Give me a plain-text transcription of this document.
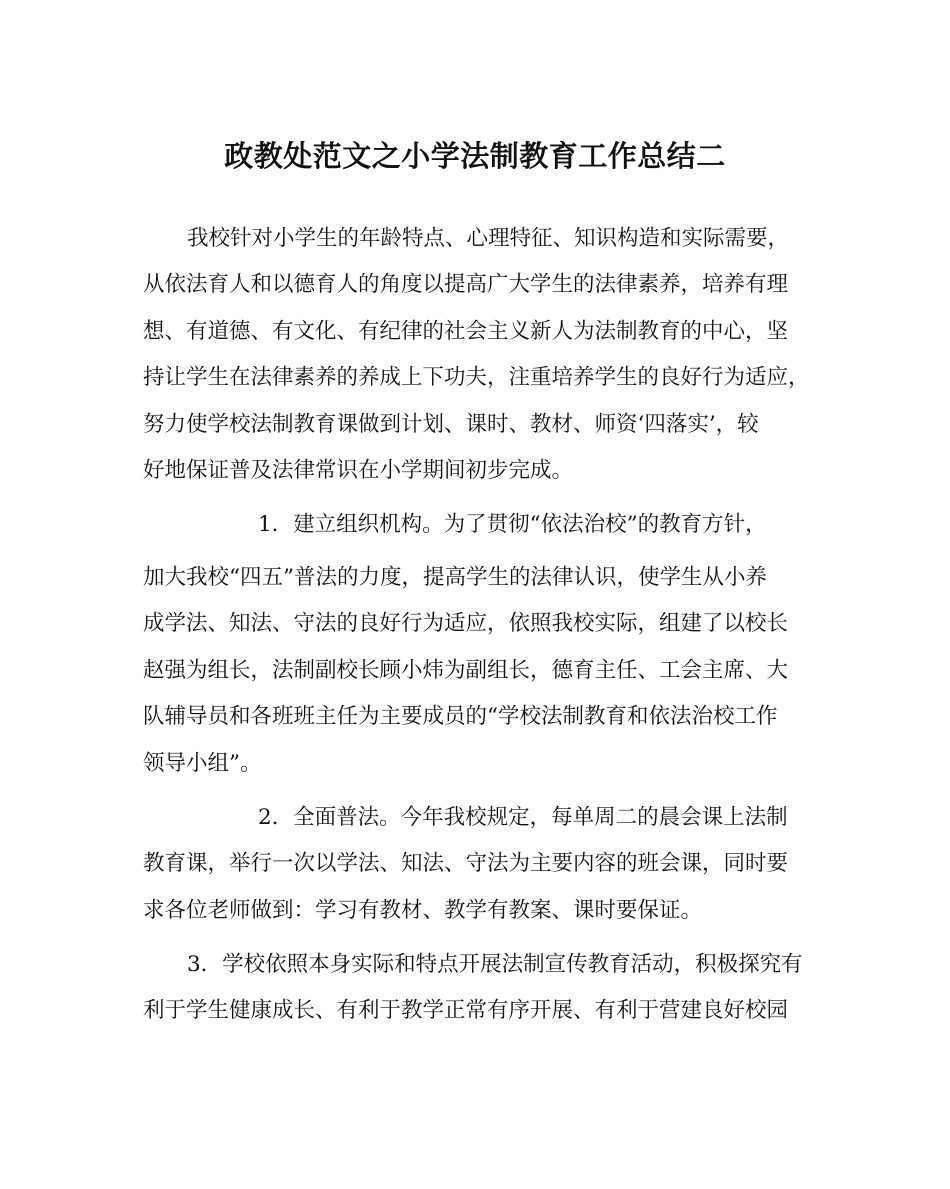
政教处范文之小学法制教育工作总结二
我校针对小学生的年龄特点、心理特征、知识构造和实际需要，
从依法育人和以德育人的角度以提高广大学生的法律素养，培养有理
想、有道德、有文化、有纪律的社会主义新人为法制教育的中心，坚
持让学生在法律素养的养成上下功夫，注重培养学生的良好行为适应，
努力使学校法制教育课做到计划、课时、教材、师资‘四落实’，较
好地保证普及法律常识在小学期间初步完成。
1．建立组织机构。为了贯彻“依法治校”的教育方针，
加大我校“四五”普法的力度，提高学生的法律认识，使学生从小养
成学法、知法、守法的良好行为适应，依照我校实际，组建了以校长
赵强为组长，法制副校长顾小炜为副组长，德育主任、工会主席、大
队辅导员和各班班主任为主要成员的“学校法制教育和依法治校工作
领导小组”。
2．全面普法。今年我校规定，每单周二的晨会课上法制
教育课，举行一次以学法、知法、守法为主要内容的班会课，同时要
求各位老师做到：学习有教材、教学有教案、课时要保证。
3．学校依照本身实际和特点开展法制宣传教育活动，积极探究有
利于学生健康成长、有利于教学正常有序开展、有利于营建良好校园
